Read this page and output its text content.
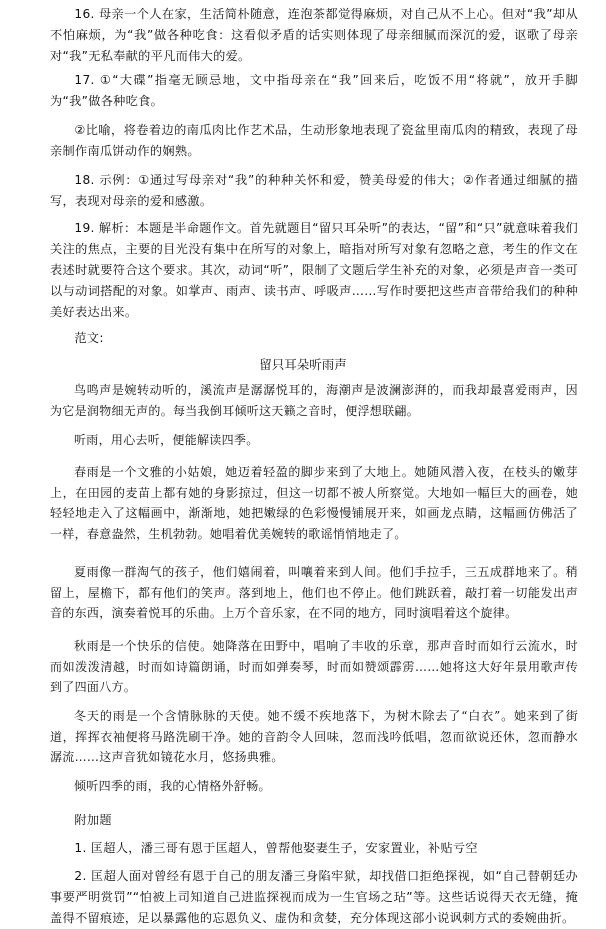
16. 母亲一个人在家，生活简朴随意，连泡茶都觉得麻烦，对自己从不上心。但对“我”却从不怕麻烦，为“我”做各种吃食：这看似矛盾的话实则体现了母亲细腻而深沉的爱，讴歌了母亲对“我”无私奉献的平凡而伟大的爱。

17. ①“大碟”指毫无顾忌地，文中指母亲在“我”回来后，吃饭不用“将就”，放开手脚为“我”做各种吃食。

②比喻，将卷着边的南瓜肉比作艺术品，生动形象地表现了瓷盆里南瓜肉的精致，表现了母亲制作南瓜饼动作的娴熟。

18. 示例：①通过写母亲对“我”的种种关怀和爱，赞美母爱的伟大；②作者通过细腻的描写，表现对母亲的爱和感激。

19. 解析：本题是半命题作文。首先就题目“留只耳朵听”的表达，“留”和“只”就意味着我们关注的焦点，主要的目光没有集中在所写的对象上，暗指对所写对象有忽略之意，考生的作文在表述时就要符合这个要求。其次，动词“听”，限制了文题后学生补充的对象，必须是声音一类可以与动词搭配的对象。如掌声、雨声、读书声、呼吸声……写作时要把这些声音带给我们的种种美好表达出来。

范文:

留只耳朵听雨声

鸟鸣声是婉转动听的，溪流声是潺潺悦耳的，海潮声是波澜澎湃的，而我却最喜爱雨声，因为它是润物细无声的。每当我倒耳倾听这天籁之音时，便浮想联翩。

听雨，用心去听，便能解读四季。

春雨是一个文雅的小姑娘，她迈着轻盈的脚步来到了大地上。她随风潜入夜，在枝头的嫩芽上，在田园的麦苗上都有她的身影掠过，但这一切都不被人所察觉。大地如一幅巨大的画卷，她轻轻地走入了这幅画中，渐渐地，她把嫩绿的色彩慢慢铺展开来，如画龙点睛，这幅画仿佛活了一样，春意盎然，生机勃勃。她唱着优美婉转的歌谣悄悄地走了。

夏雨像一群淘气的孩子，他们嬉闹着，叫嚷着来到人间。他们手拉手，三五成群地来了。稍留上，屋檐下，都有他们的笑声。落到地上，他们也不停止。他们跳跃着，敲打着一切能发出声音的东西，演奏着悦耳的乐曲。上万个音乐家，在不同的地方，同时演唱着这个旋律。

秋雨是一个快乐的信使。她降落在田野中，唱响了丰收的乐章，那声音时而如行云流水，时而如泼泼清越，时而如诗篇朗诵，时而如弹奏琴，时而如赞颂霹雳……她将这大好年景用歌声传到了四面八方。

冬天的雨是一个含情脉脉的天使。她不缓不疾地落下，为树木除去了“白衣”。她来到了街道，挥挥衣袖便将马路洗刷干净。她的音韵令人回味，忽而浅吟低唱，忽而欲说还休，忽而静水潺流……这声音犹如镜花水月，悠扬典雅。

倾听四季的雨，我的心情格外舒畅。

附加题

1. 匡超人，潘三哥有恩于匡超人，曾帮他娶妻生子，安家置业，补贴亏空

2. 匡超人面对曾经有恩于自己的朋友潘三身陷牢狱，却找借口拒绝探视，如“自己替朝廷办事要严明赏罚”“怕被上司知道自己进监探视而成为一生官场之玷”等。这些话说得天衣无缝，掩盖得不留痕迹，足以暴露他的忘恩负义、虚伪和贪婪，充分体现这部小说讽刺方式的委婉曲折。
